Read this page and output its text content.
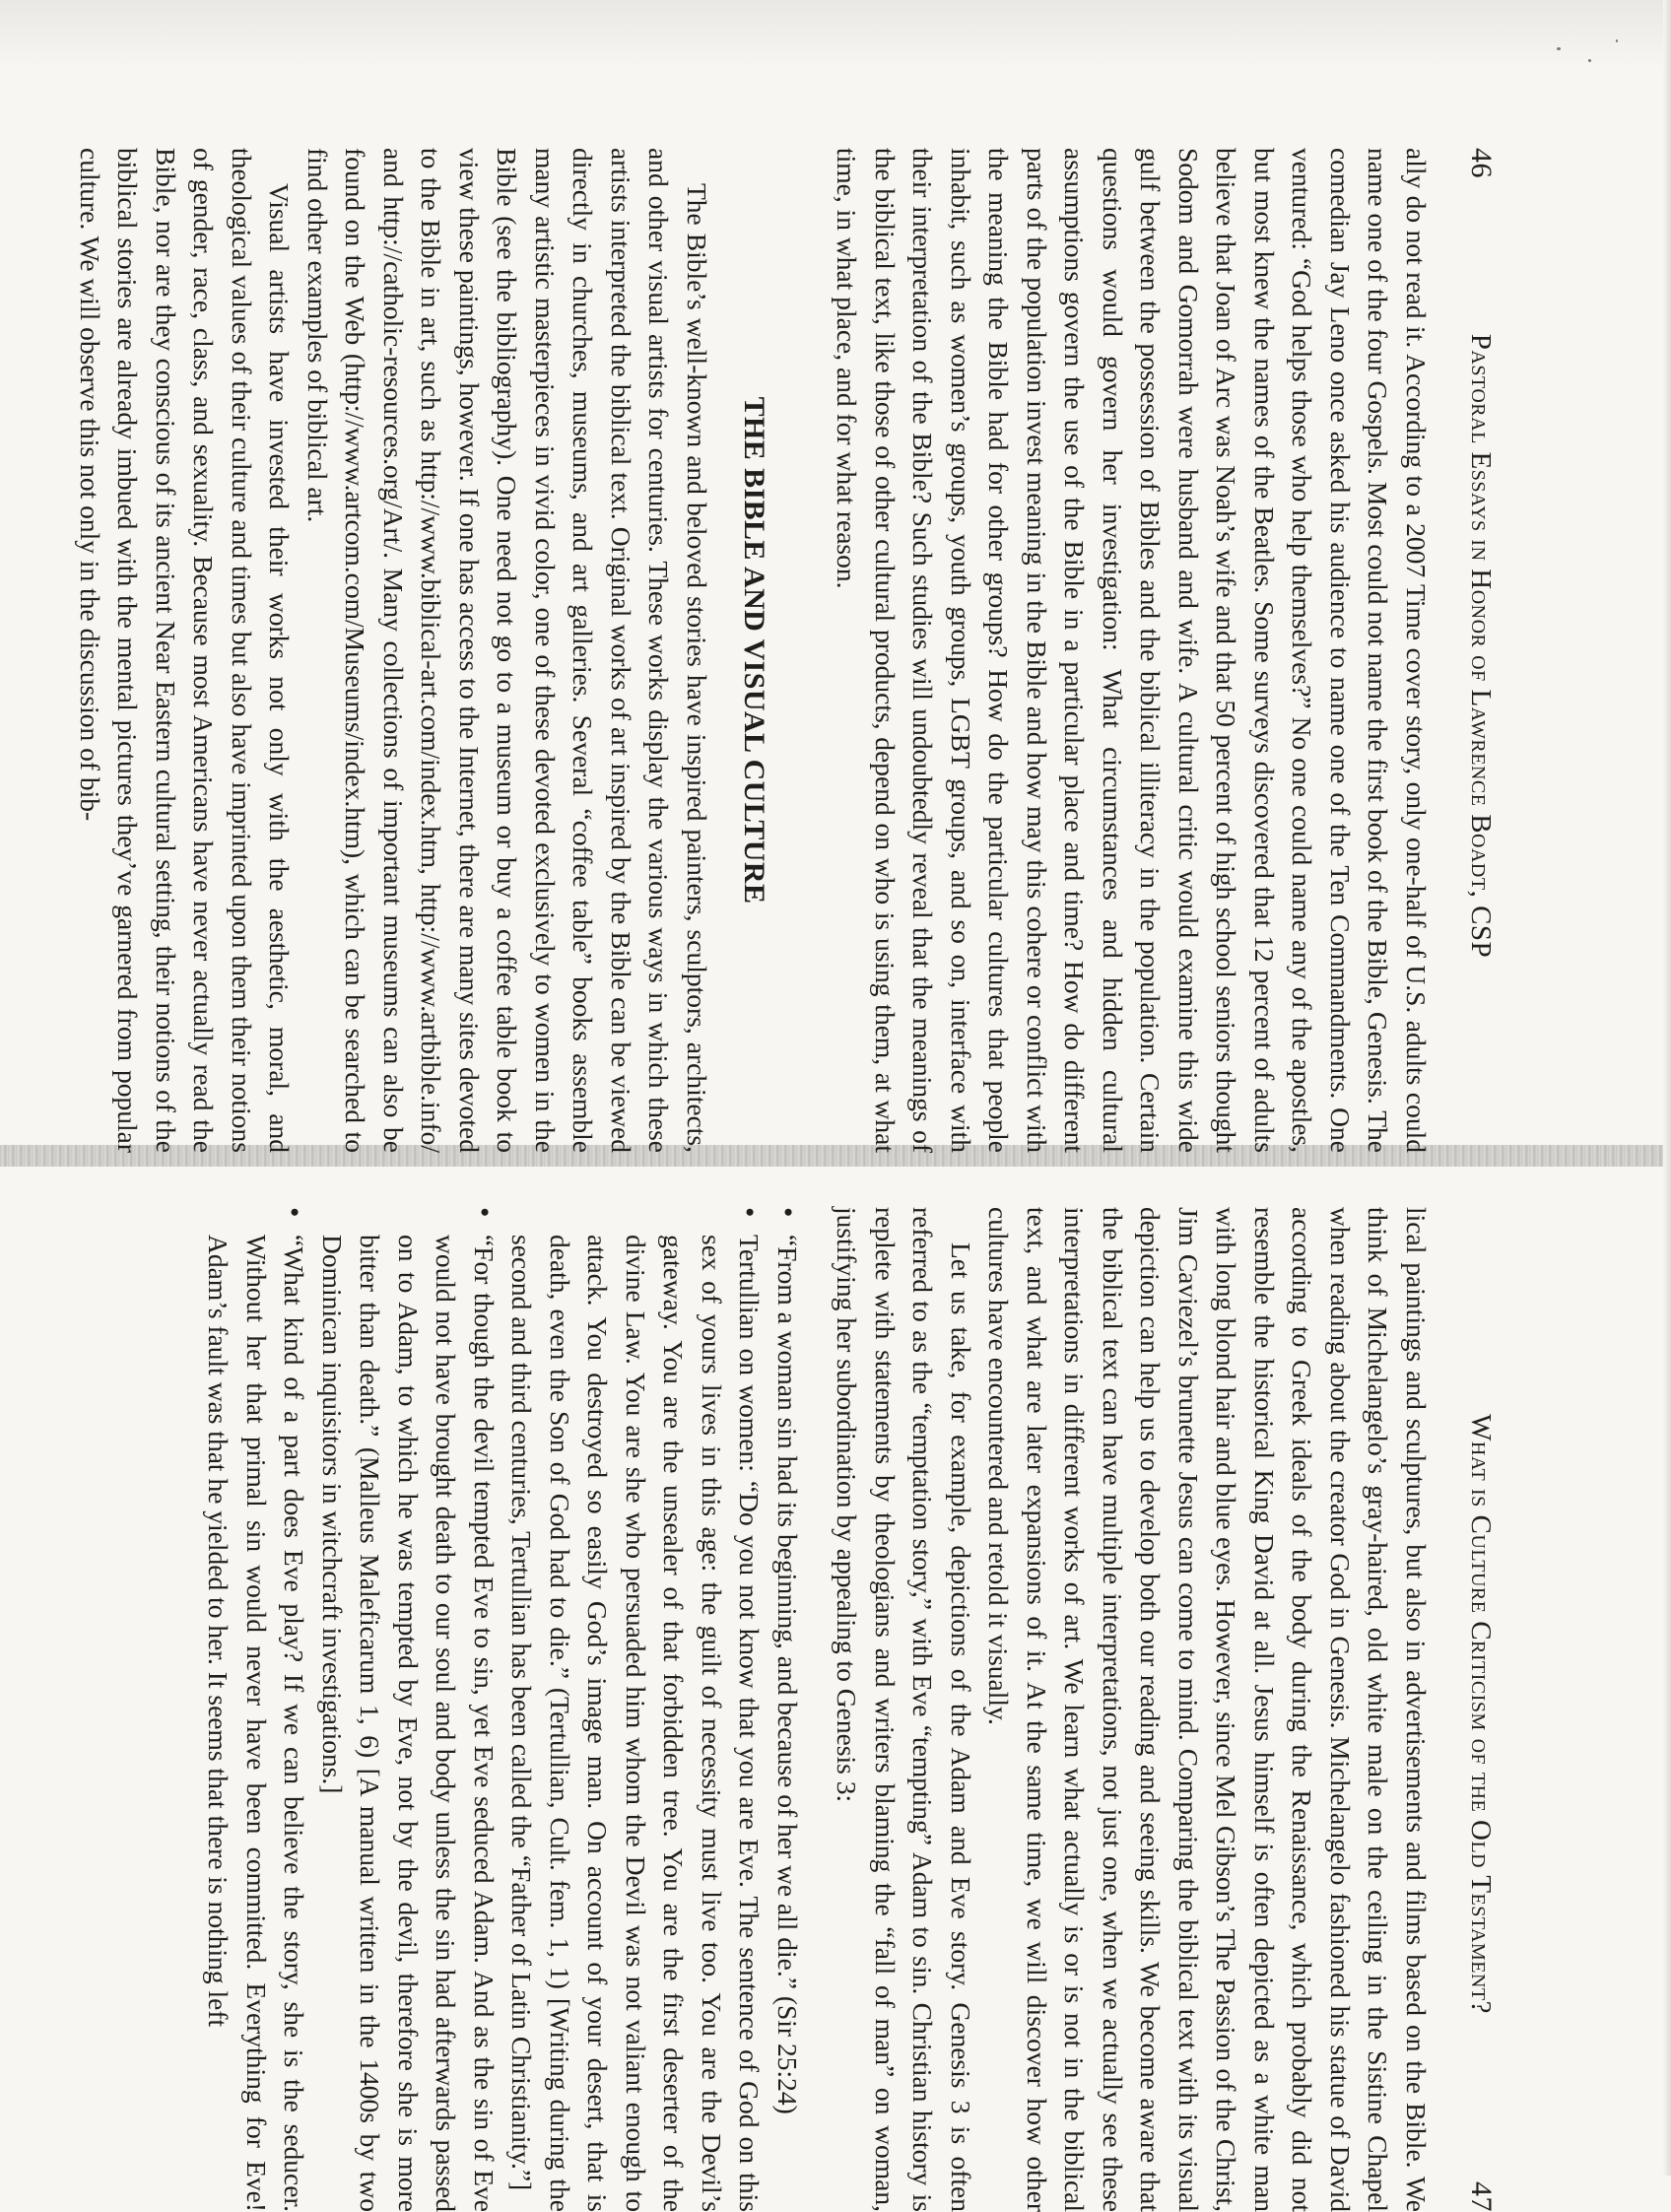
46
Pastoral Essays in Honor of Lawrence Boadt, CSP

ally do not read it. According to a 2007 Time cover story, only one-half of U.S. adults could name one of the four Gospels. Most could not name the first book of the Bible, Genesis. The comedian Jay Leno once asked his audience to name one of the Ten Commandments. One ventured: “God helps those who help themselves?” No one could name any of the apostles, but most knew the names of the Beatles. Some surveys discovered that 12 percent of adults believe that Joan of Arc was Noah’s wife and that 50 percent of high school seniors thought Sodom and Gomorrah were husband and wife. A cultural critic would examine this wide gulf between the possession of Bibles and the biblical illiteracy in the population. Certain questions would govern her investigation: What circumstances and hidden cultural assumptions govern the use of the Bible in a particular place and time? How do different parts of the population invest meaning in the Bible and how may this cohere or conflict with the meaning the Bible had for other groups? How do the particular cultures that people inhabit, such as women’s groups, youth groups, LGBT groups, and so on, interface with their interpretation of the Bible? Such studies will undoubtedly reveal that the meanings of the biblical text, like those of other cultural products, depend on who is using them, at what time, in what place, and for what reason.

THE BIBLE AND VISUAL CULTURE

The Bible’s well-known and beloved stories have inspired painters, sculptors, architects, and other visual artists for centuries. These works display the various ways in which these artists interpreted the biblical text. Original works of art inspired by the Bible can be viewed directly in churches, museums, and art galleries. Several “coffee table” books assemble many artistic masterpieces in vivid color, one of these devoted exclusively to women in the Bible (see the bibliography). One need not go to a museum or buy a coffee table book to view these paintings, however. If one has access to the Internet, there are many sites devoted to the Bible in art, such as http://www.biblical-art.com/index.htm, http://www.artbible.info/ and http://catholic-resources.org/Art/. Many collections of important museums can also be found on the Web (http://www.artcom.com/Museums/index.htm), which can be searched to find other examples of biblical art.

Visual artists have invested their works not only with the aesthetic, moral, and theological values of their culture and times but also have imprinted upon them their notions of gender, race, class, and sexuality. Because most Americans have never actually read the Bible, nor are they conscious of its ancient Near Eastern cultural setting, their notions of the biblical stories are already imbued with the mental pictures they’ve garnered from popular culture. We will observe this not only in the discussion of bib-

What is Culture Criticism of the Old Testament?
47

lical paintings and sculptures, but also in advertisements and films based on the Bible. We think of Michelangelo’s gray-haired, old white male on the ceiling in the Sistine Chapel when reading about the creator God in Genesis. Michelangelo fashioned his statue of David according to Greek ideals of the body during the Renaissance, which probably did not resemble the historical King David at all. Jesus himself is often depicted as a white man with long blond hair and blue eyes. However, since Mel Gibson’s The Passion of the Christ, Jim Caviezel’s brunette Jesus can come to mind. Comparing the biblical text with its visual depiction can help us to develop both our reading and seeing skills. We become aware that the biblical text can have multiple interpretations, not just one, when we actually see these interpretations in different works of art. We learn what actually is or is not in the biblical text, and what are later expansions of it. At the same time, we will discover how other cultures have encountered and retold it visually.

Let us take, for example, depictions of the Adam and Eve story. Genesis 3 is often referred to as the “temptation story,” with Eve “tempting” Adam to sin. Christian history is replete with statements by theologians and writers blaming the “fall of man” on woman, justifying her subordination by appealing to Genesis 3:

• “From a woman sin had its beginning, and because of her we all die.” (Sir 25:24)
• Tertullian on women: “Do you not know that you are Eve. The sentence of God on this sex of yours lives in this age: the guilt of necessity must live too. You are the Devil’s gateway. You are the unsealer of that forbidden tree. You are the first deserter of the divine Law. You are she who persuaded him whom the Devil was not valiant enough to attack. You destroyed so easily God’s image man. On account of your desert, that is death, even the Son of God had to die.” (Tertullian, Cult. fem. 1, 1) [Writing during the second and third centuries, Tertullian has been called the “Father of Latin Christianity.”]
• “For though the devil tempted Eve to sin, yet Eve seduced Adam. And as the sin of Eve would not have brought death to our soul and body unless the sin had afterwards passed on to Adam, to which he was tempted by Eve, not by the devil, therefore she is more bitter than death.” (Malleus Maleficarum 1, 6) [A manual written in the 1400s by two Dominican inquisitors in witchcraft investigations.]
• “What kind of a part does Eve play? If we can believe the story, she is the seducer. Without her that primal sin would never have been committed. Everything for Eve! Adam’s fault was that he yielded to her. It seems that there is nothing left
